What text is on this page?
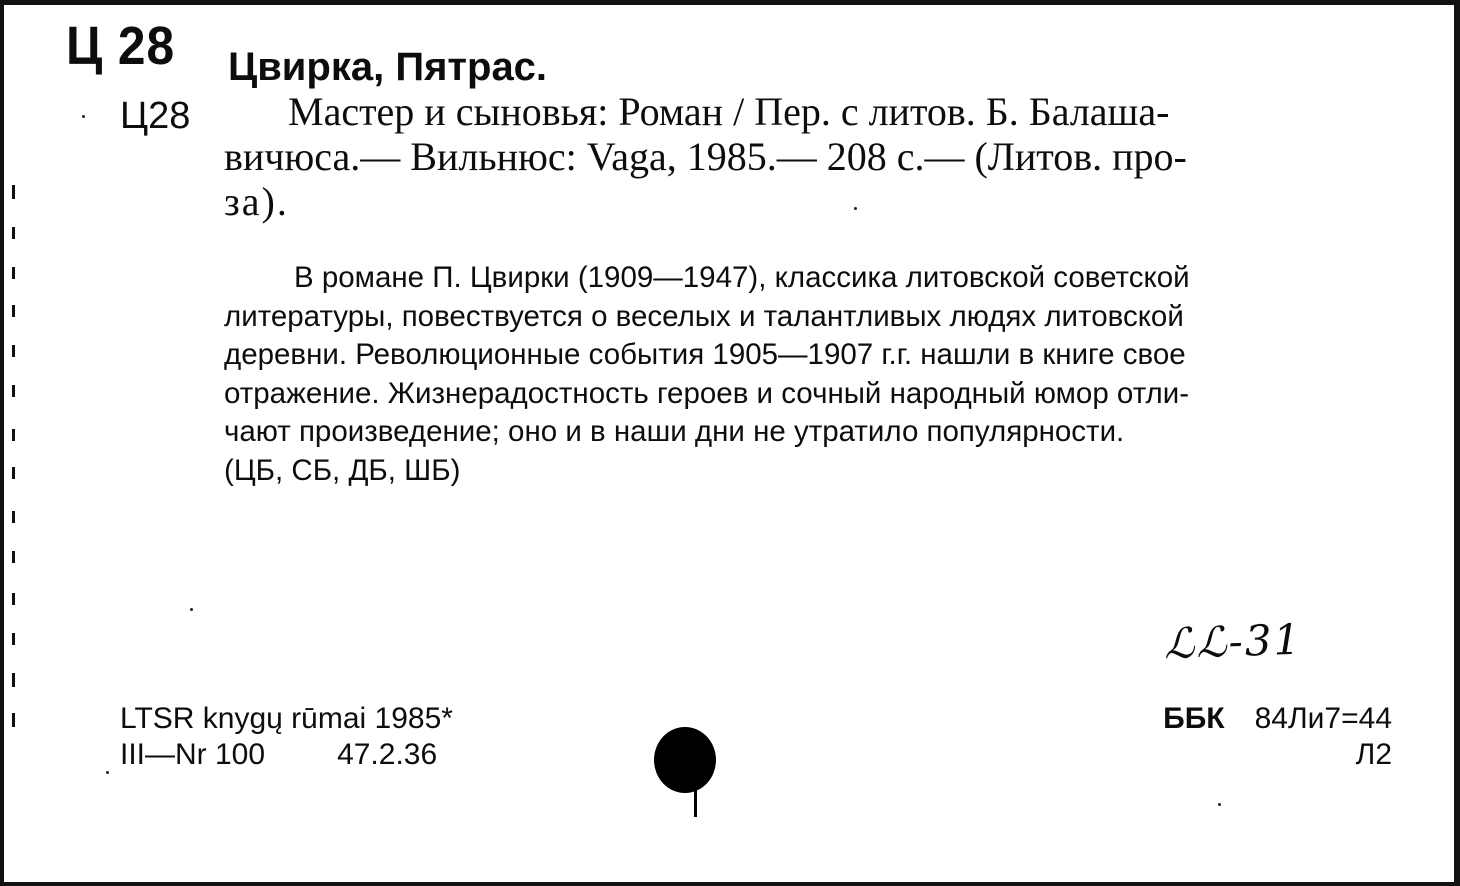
Ц 28 Цвирка, Пятрас.
Ц28	Мастер и сыновья: Роман / Пер. с литов. Б. Балаша-
вичюса.— Вильнюс: Vaga, 1985.— 208 с.— (Литов. про-
за).
В романе П. Цвирки (1909—1947), классика литовской советской
литературы, повествуется о веселых и талантливых людях литовской
деревни. Революционные события 1905—1907 г.г. нашли в книге свое
отражение. Жизнерадостность героев и сочный народный юмор отли-
чают произведение; оно и в наши дни не утратило популярности.
(ЦБ, СБ, ДБ, ШБ)
ℒℒ-31
LTSR knygų rūmai 1985*
III—Nr 100 47.2.36
ББК 84Ли7=44
Л2
